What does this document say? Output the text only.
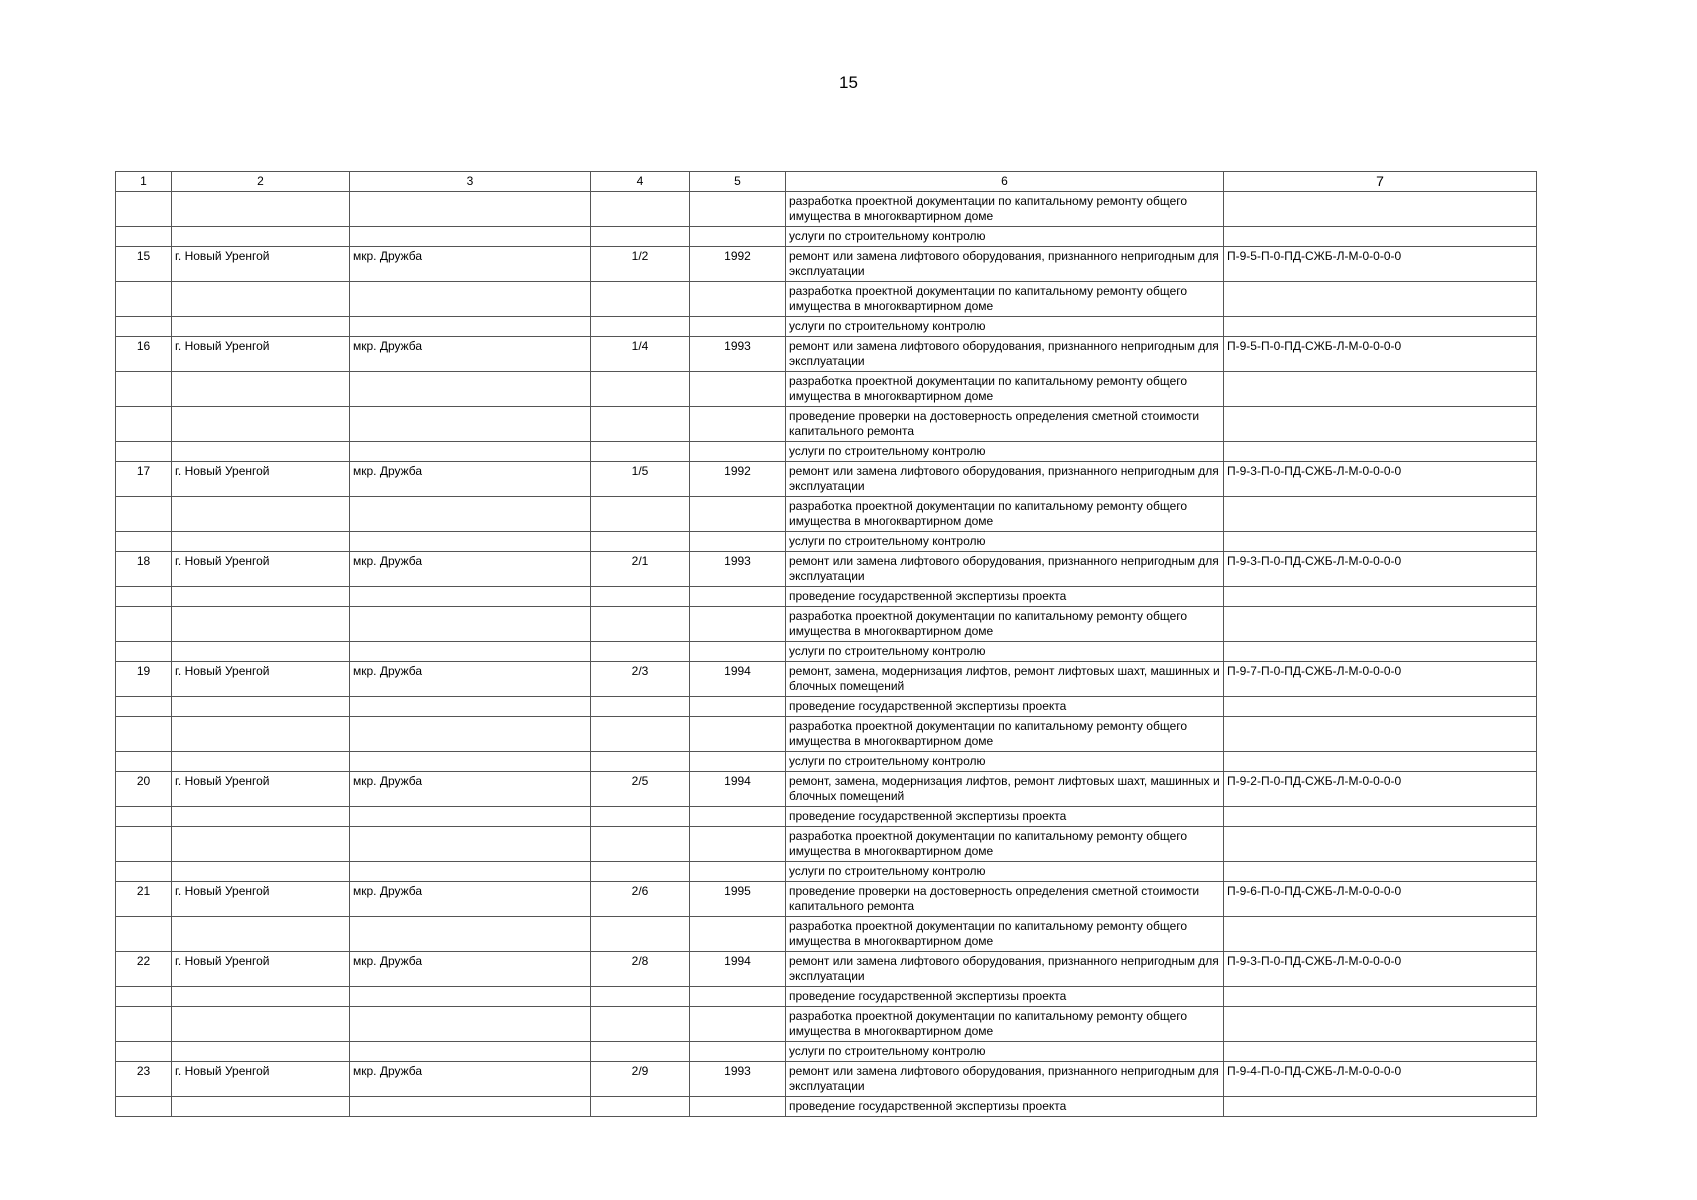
15
1	2	3	4	5	6	7
					разработка проектной документации по капитальному ремонту общего имущества в многоквартирном доме	
					услуги по строительному контролю	
15	г. Новый Уренгой	мкр. Дружба	1/2	1992	ремонт или замена лифтового оборудования, признанного непригодным для эксплуатации	П-9-5-П-0-ПД-СЖБ-Л-М-0-0-0-0
					разработка проектной документации по капитальному ремонту общего имущества в многоквартирном доме	
					услуги по строительному контролю	
16	г. Новый Уренгой	мкр. Дружба	1/4	1993	ремонт или замена лифтового оборудования, признанного непригодным для эксплуатации	П-9-5-П-0-ПД-СЖБ-Л-М-0-0-0-0
					разработка проектной документации по капитальному ремонту общего имущества в многоквартирном доме	
					проведение проверки на достоверность определения сметной стоимости капитального ремонта	
					услуги по строительному контролю	
17	г. Новый Уренгой	мкр. Дружба	1/5	1992	ремонт или замена лифтового оборудования, признанного непригодным для эксплуатации	П-9-3-П-0-ПД-СЖБ-Л-М-0-0-0-0
					разработка проектной документации по капитальному ремонту общего имущества в многоквартирном доме	
					услуги по строительному контролю	
18	г. Новый Уренгой	мкр. Дружба	2/1	1993	ремонт или замена лифтового оборудования, признанного непригодным для эксплуатации	П-9-3-П-0-ПД-СЖБ-Л-М-0-0-0-0
					проведение государственной экспертизы проекта	
					разработка проектной документации по капитальному ремонту общего имущества в многоквартирном доме	
					услуги по строительному контролю	
19	г. Новый Уренгой	мкр. Дружба	2/3	1994	ремонт, замена, модернизация лифтов, ремонт лифтовых шахт, машинных и блочных помещений	П-9-7-П-0-ПД-СЖБ-Л-М-0-0-0-0
					проведение государственной экспертизы проекта	
					разработка проектной документации по капитальному ремонту общего имущества в многоквартирном доме	
					услуги по строительному контролю	
20	г. Новый Уренгой	мкр. Дружба	2/5	1994	ремонт, замена, модернизация лифтов, ремонт лифтовых шахт, машинных и блочных помещений	П-9-2-П-0-ПД-СЖБ-Л-М-0-0-0-0
					проведение государственной экспертизы проекта	
					разработка проектной документации по капитальному ремонту общего имущества в многоквартирном доме	
					услуги по строительному контролю	
21	г. Новый Уренгой	мкр. Дружба	2/6	1995	проведение проверки на достоверность определения сметной стоимости капитального ремонта	П-9-6-П-0-ПД-СЖБ-Л-М-0-0-0-0
					разработка проектной документации по капитальному ремонту общего имущества в многоквартирном доме	
22	г. Новый Уренгой	мкр. Дружба	2/8	1994	ремонт или замена лифтового оборудования, признанного непригодным для эксплуатации	П-9-3-П-0-ПД-СЖБ-Л-М-0-0-0-0
					проведение государственной экспертизы проекта	
					разработка проектной документации по капитальному ремонту общего имущества в многоквартирном доме	
					услуги по строительному контролю	
23	г. Новый Уренгой	мкр. Дружба	2/9	1993	ремонт или замена лифтового оборудования, признанного непригодным для эксплуатации	П-9-4-П-0-ПД-СЖБ-Л-М-0-0-0-0
					проведение государственной экспертизы проекта	
